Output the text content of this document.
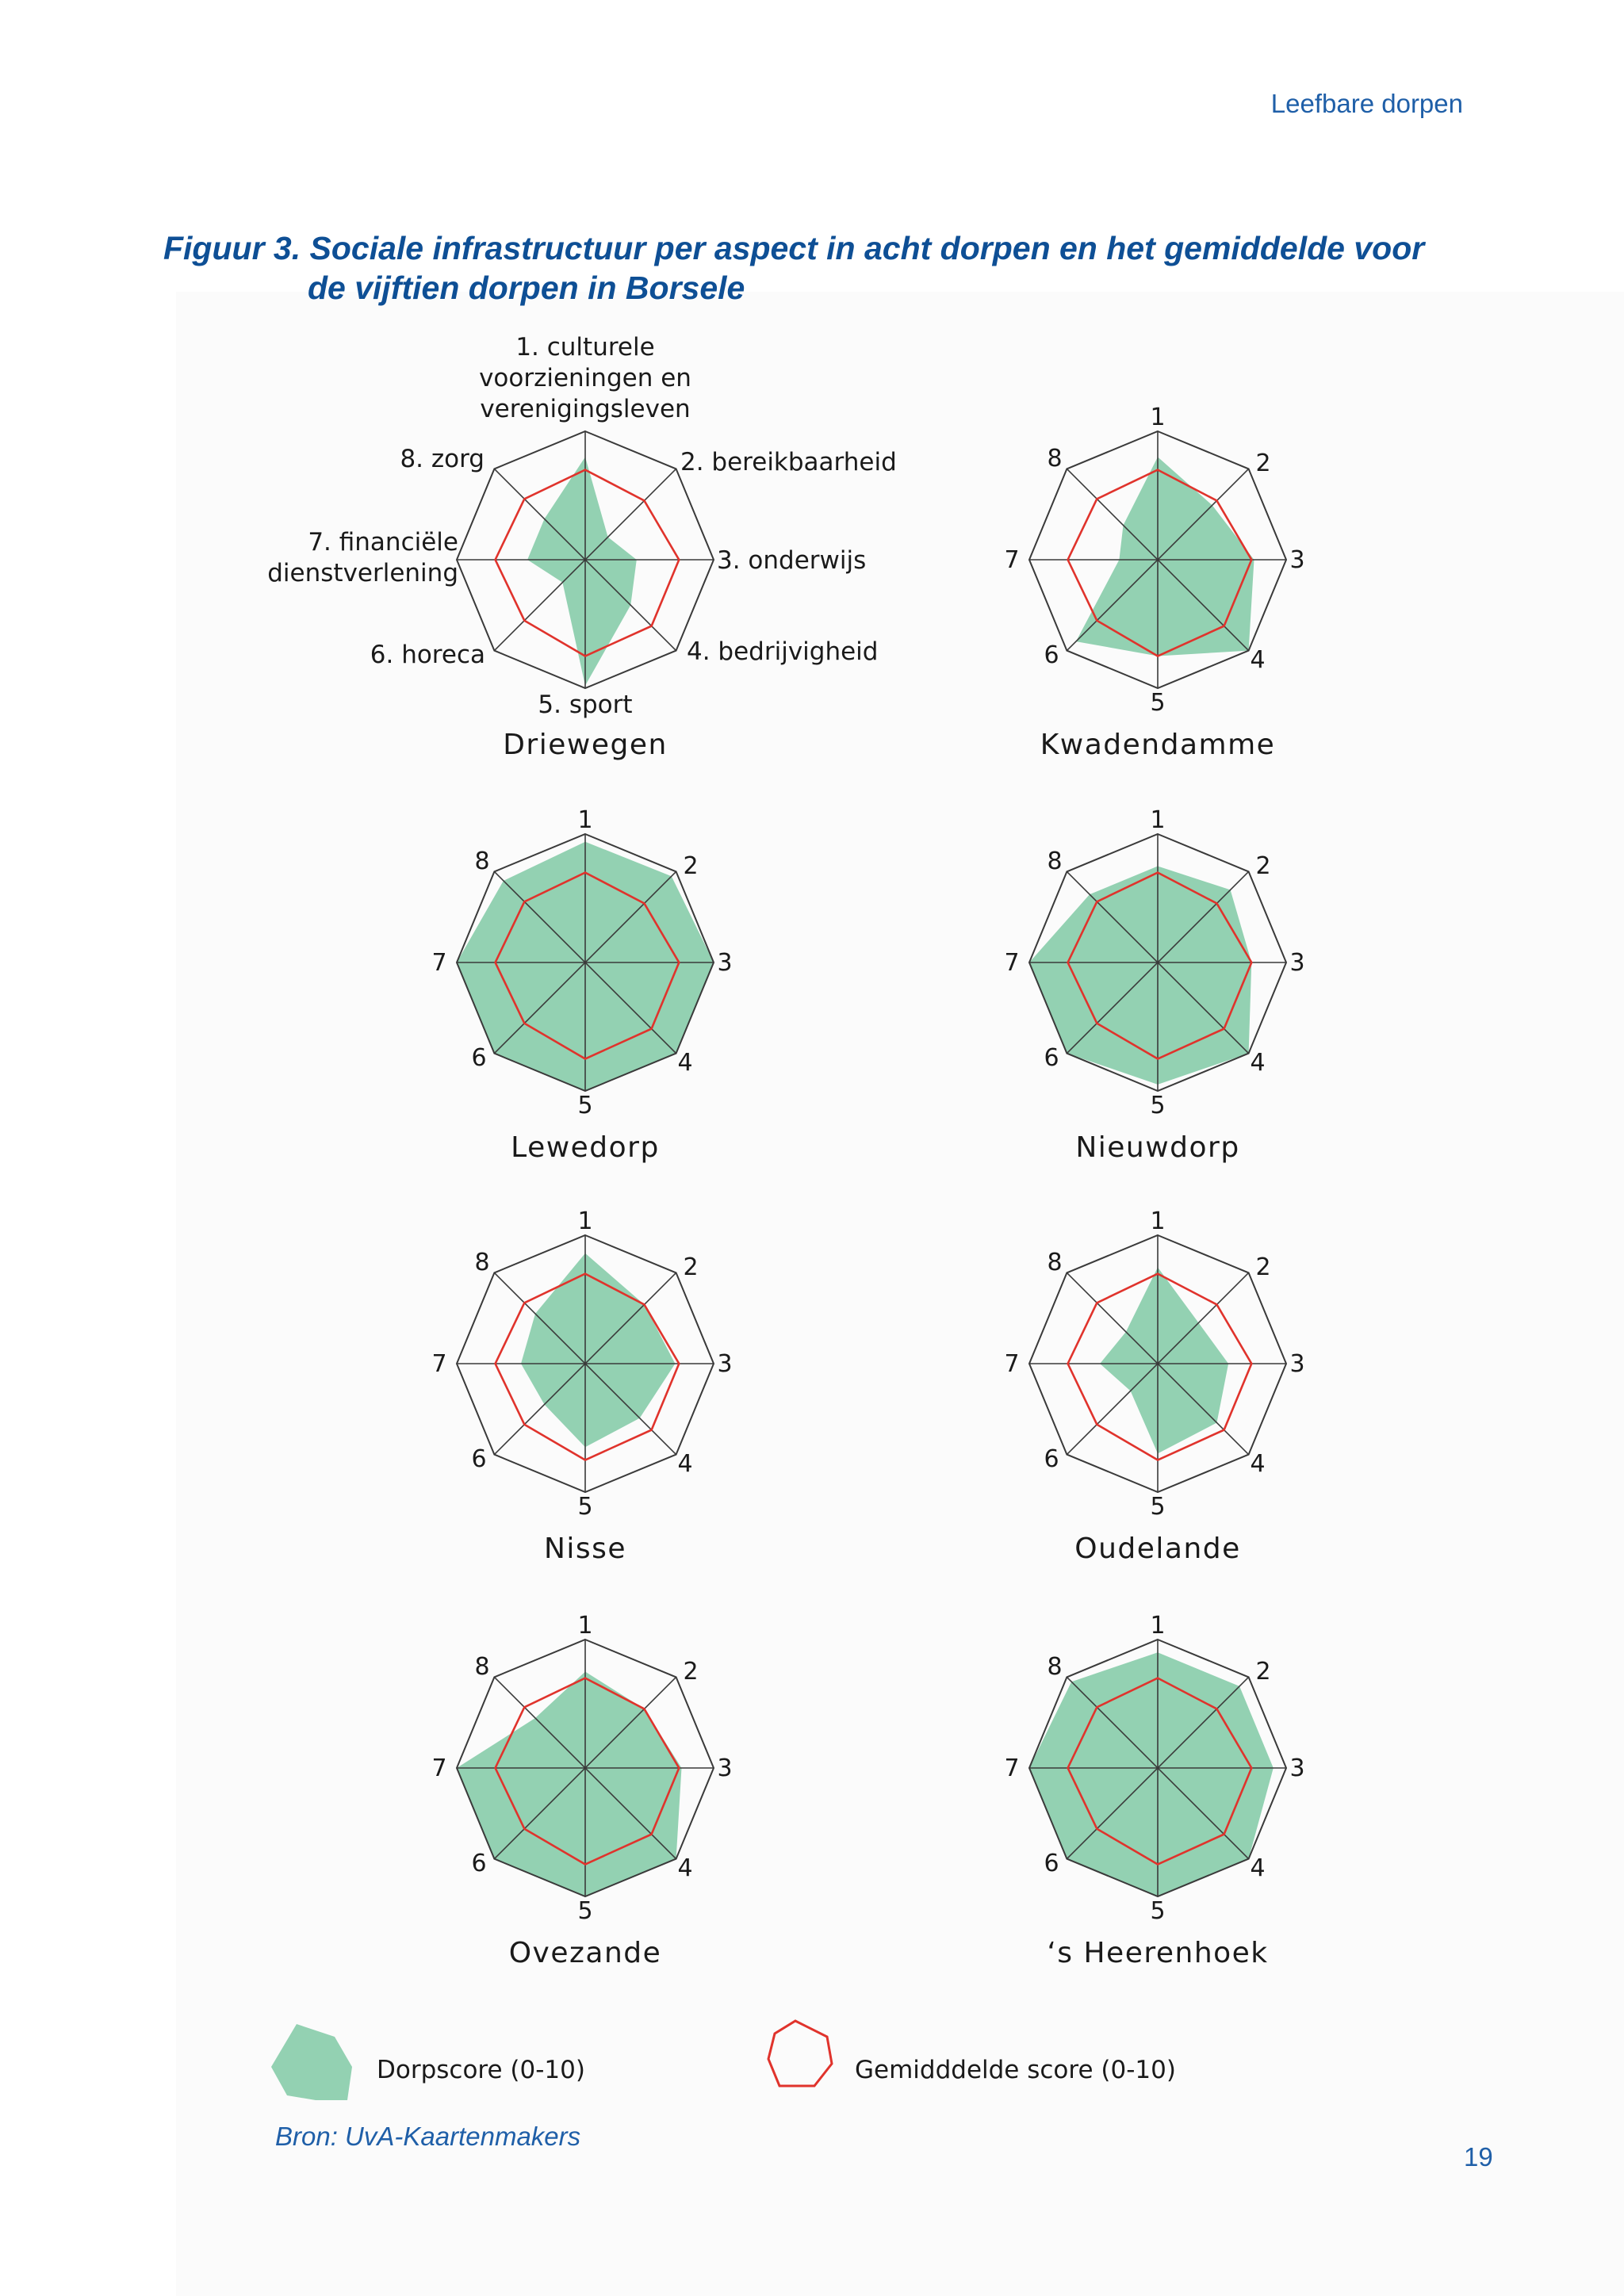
Leefbare dorpen
Figuur 3. Sociale infrastructuur per aspect in acht dorpen en het gemiddelde voor
de vijftien dorpen in Borsele
1. culturele voorzieningen en verenigingsleven
2. bereikbaarheid
3. onderwijs
4. bedrijvigheid
5. sport
6. horeca
7. financiële dienstverlening
8. zorg
Driewegen
1
2
3
4
5
6
7
8
Kwadendamme
1
2
3
4
5
6
7
8
Lewedorp
1
2
3
4
5
6
7
8
Nieuwdorp
1
2
3
4
5
6
7
8
Nisse
1
2
3
4
5
6
7
8
Oudelande
1
2
3
4
5
6
7
8
Ovezande
1
2
3
4
5
6
7
8
‘s Heerenhoek
Dorpscore (0-10)	Gemidddelde score (0-10)
Bron: UvA-Kaartenmakers
19
